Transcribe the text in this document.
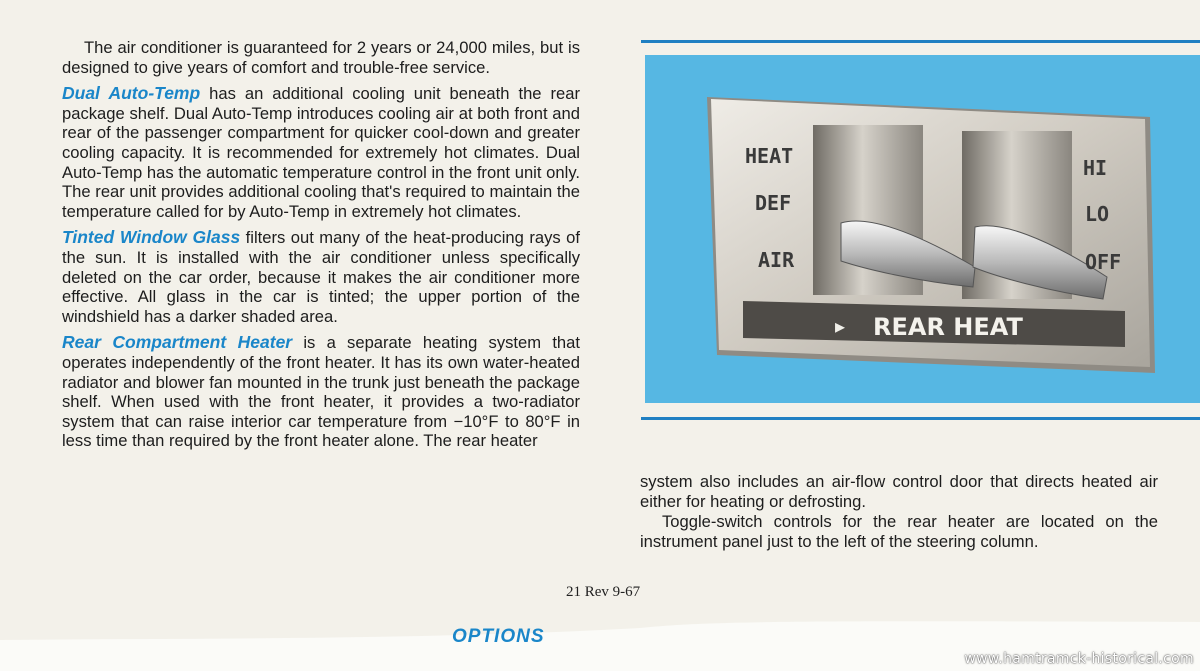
The air conditioner is guaranteed for 2 years or 24,000 miles, but is designed to give years of comfort and trouble-free service.

Dual Auto-Temp has an additional cooling unit beneath the rear package shelf. Dual Auto-Temp introduces cooling air at both front and rear of the passenger compartment for quicker cool-down and greater cooling capacity. It is recommended for extremely hot climates. Dual Auto-Temp has the automatic temperature control in the front unit only. The rear unit provides additional cooling that's required to maintain the temperature called for by Auto-Temp in extremely hot climates.

Tinted Window Glass filters out many of the heat-producing rays of the sun. It is installed with the air conditioner unless specifically deleted on the car order, because it makes the air conditioner more effective. All glass in the car is tinted; the upper portion of the windshield has a darker shaded area.

Rear Compartment Heater is a separate heating system that operates independently of the front heater. It has its own water-heated radiator and blower fan mounted in the trunk just beneath the package shelf. When used with the front heater, it provides a two-radiator system that can raise interior car temperature from −10°F to 80°F in less time than required by the front heater alone. The rear heater

HEAT
DEF
AIR
HI
LO
OFF
▸ REAR HEAT

system also includes an air-flow control door that directs heated air either for heating or defrosting.

Toggle-switch controls for the rear heater are located on the instrument panel just to the left of the steering column.

21 Rev 9-67
OPTIONS
www.hamtramck-historical.com
